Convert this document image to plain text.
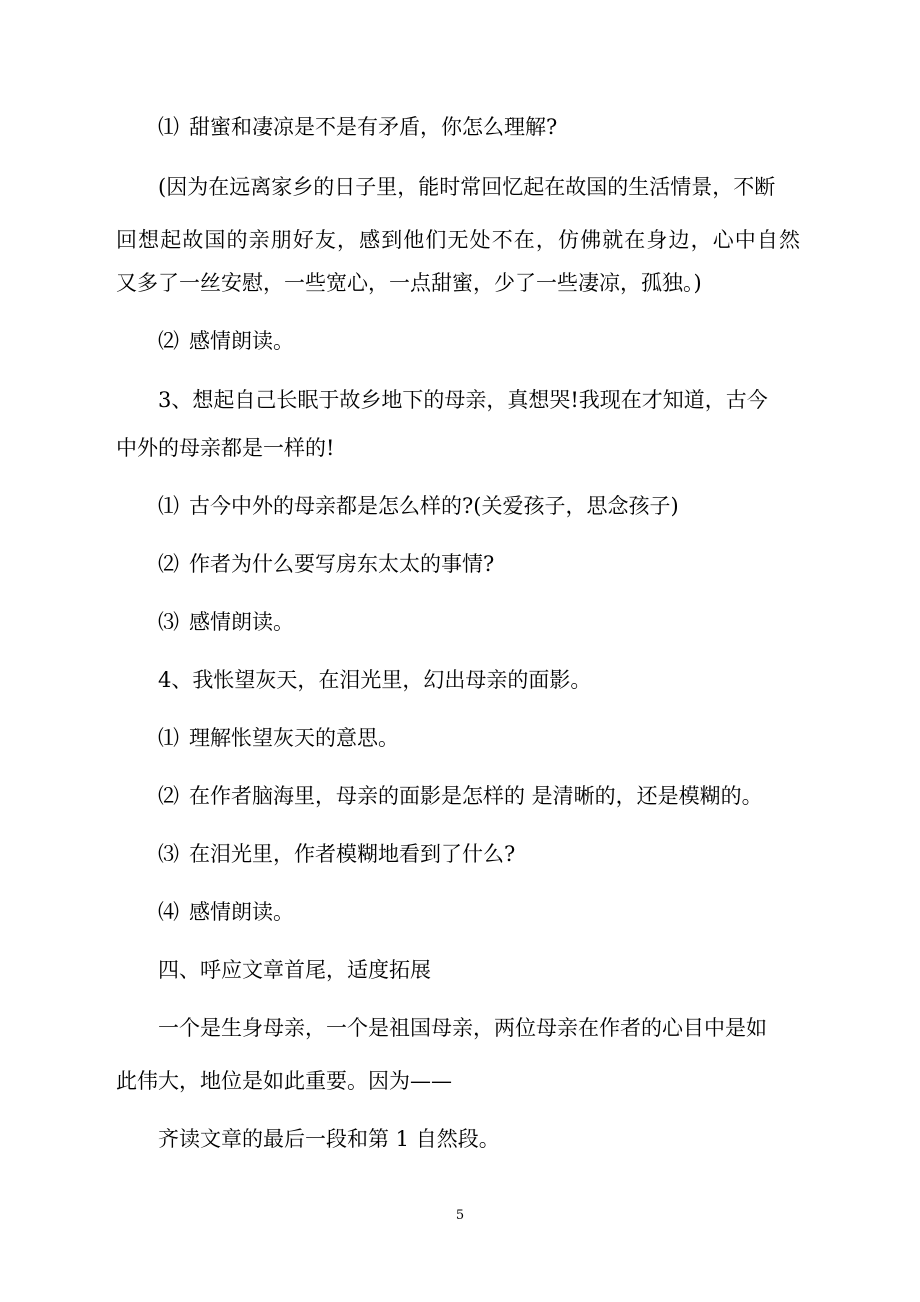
⑴ 甜蜜和凄凉是不是有矛盾，你怎么理解?
(因为在远离家乡的日子里，能时常回忆起在故国的生活情景，不断
回想起故国的亲朋好友，感到他们无处不在，仿佛就在身边，心中自然
又多了一丝安慰，一些宽心，一点甜蜜，少了一些凄凉，孤独。)
⑵ 感情朗读。
3、想起自己长眠于故乡地下的母亲，真想哭!我现在才知道，古今
中外的母亲都是一样的!
⑴ 古今中外的母亲都是怎么样的?(关爱孩子，思念孩子)
⑵ 作者为什么要写房东太太的事情?
⑶ 感情朗读。
4、我怅望灰天，在泪光里，幻出母亲的面影。
⑴ 理解怅望灰天的意思。
⑵ 在作者脑海里，母亲的面影是怎样的 是清晰的，还是模糊的。
⑶ 在泪光里，作者模糊地看到了什么?
⑷ 感情朗读。
四、呼应文章首尾，适度拓展
一个是生身母亲，一个是祖国母亲，两位母亲在作者的心目中是如
此伟大，地位是如此重要。因为——
齐读文章的最后一段和第 1 自然段。
5
